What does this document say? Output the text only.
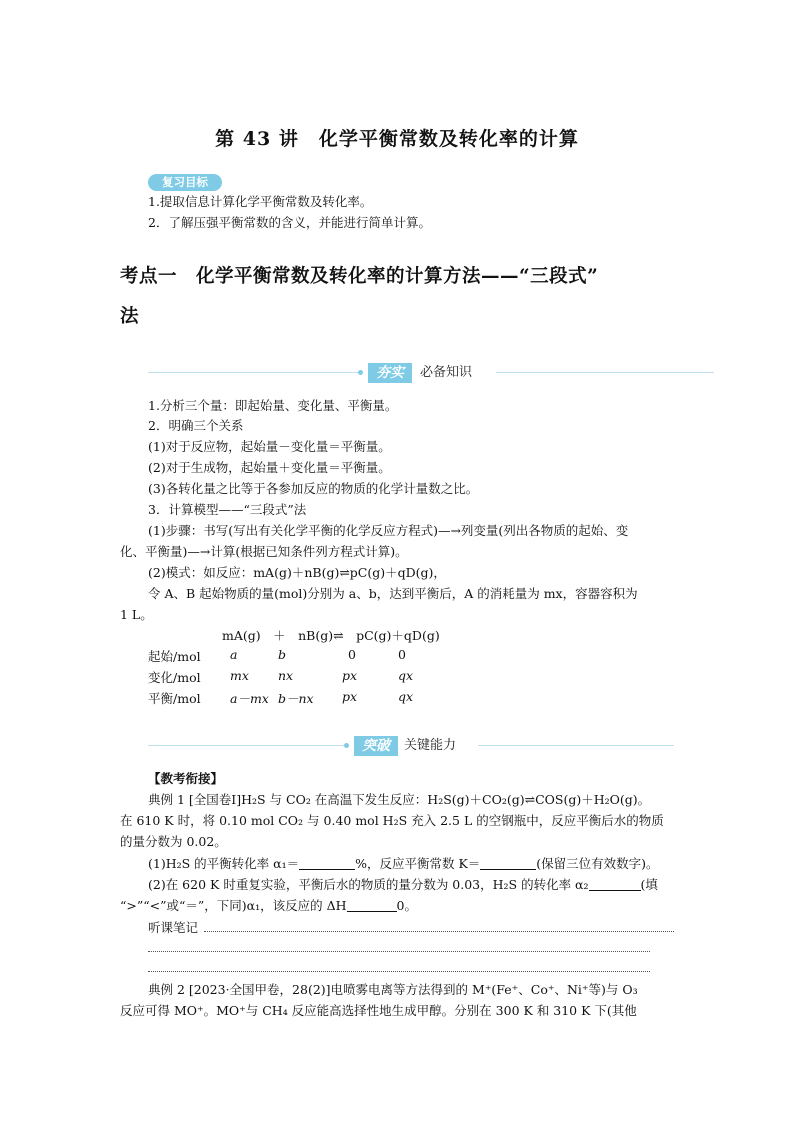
第 43 讲　化学平衡常数及转化率的计算
复习目标
1.提取信息计算化学平衡常数及转化率。
2．了解压强平衡常数的含义，并能进行简单计算。
考点一　化学平衡常数及转化率的计算方法——“三段式”
法
夯实	必备知识
1.分析三个量：即起始量、变化量、平衡量。
2．明确三个关系
(1)对于反应物，起始量－变化量＝平衡量。
(2)对于生成物，起始量＋变化量＝平衡量。
(3)各转化量之比等于各参加反应的物质的化学计量数之比。
3．计算模型——“三段式”法
(1)步骤：书写(写出有关化学平衡的化学反应方程式)—→列变量(列出各物质的起始、变
化、平衡量)—→计算(根据已知条件列方程式计算)。
(2)模式：如反应：mA(g)＋nB(g)⇌pC(g)＋qD(g)，
令 A、B 起始物质的量(mol)分别为 a、b，达到平衡后，A 的消耗量为 mx，容器容积为
1 L。
mA(g)　＋　nB(g)⇌　pC(g)＋qD(g)
起始/mol a	b	0	0
变化/mol mx nx	px	qx
平衡/mol a－mx b－nx px	qx
突破	关键能力
【教考衔接】
典例 1 [全国卷Ⅰ]H₂S 与 CO₂ 在高温下发生反应：H₂S(g)＋CO₂(g)⇌COS(g)＋H₂O(g)。
在 610 K 时，将 0.10 mol CO₂ 与 0.40 mol H₂S 充入 2.5 L 的空钢瓶中，反应平衡后水的物质
的量分数为 0.02。
(1)H₂S 的平衡转化率 α₁＝	%，反应平衡常数 K＝	(保留三位有效数字)。
(2)在 620 K 时重复实验，平衡后水的物质的量分数为 0.03，H₂S 的转化率 α₂	(填
“>”“<”或“＝”，下同)α₁，该反应的 ΔH	0。
听课笔记
典例 2 [2023·全国甲卷，28(2)]电喷雾电离等方法得到的 M⁺(Fe⁺、Co⁺、Ni⁺等)与 O₃
反应可得 MO⁺。MO⁺与 CH₄ 反应能高选择性地生成甲醇。分别在 300 K 和 310 K 下(其他
